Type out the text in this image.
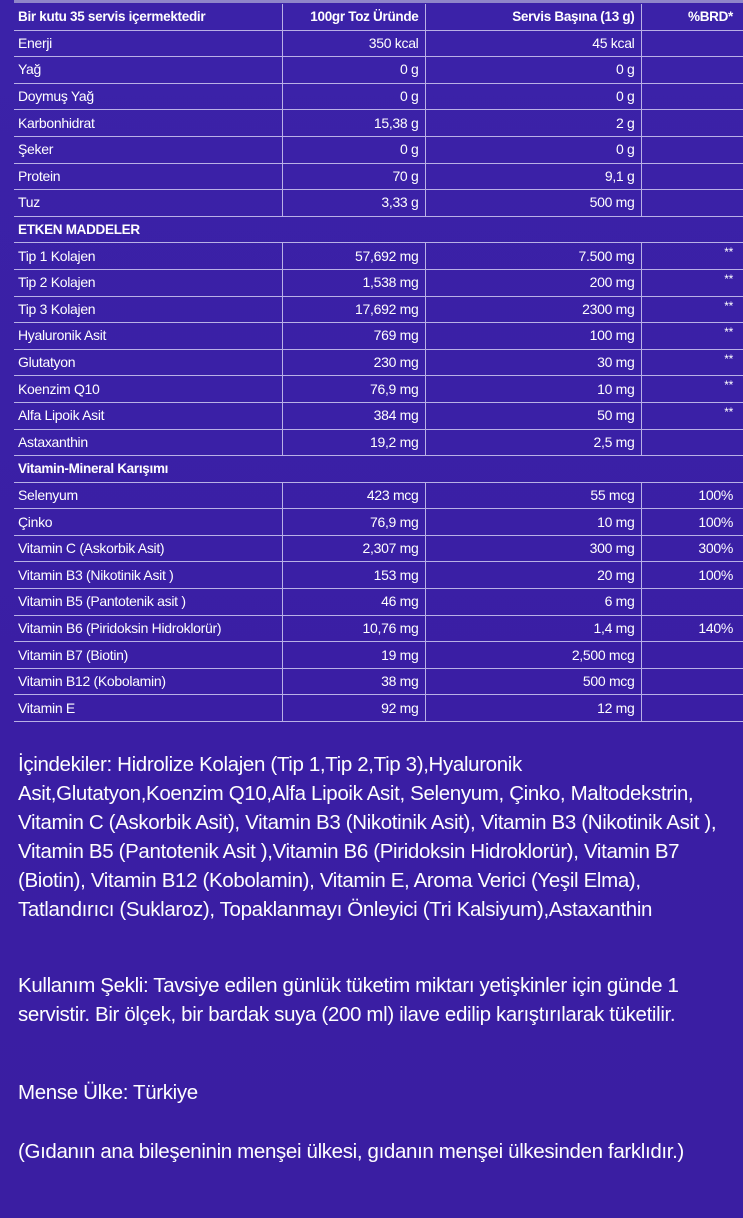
Bir kutu 35 servis içermektedir	100gr Toz Üründe	Servis Başına (13 g)	%BRD*
Enerji	350 kcal	45 kcal	
Yağ	0 g	0 g	
Doymuş Yağ	0 g	0 g	
Karbonhidrat	15,38 g	2 g	
Şeker	0 g	0 g	
Protein	70 g	9,1 g	
Tuz	3,33 g	500 mg	
ETKEN MADDELER			
Tip 1 Kolajen	57,692 mg	7.500 mg	**
Tip 2 Kolajen	1,538 mg	200 mg	**
Tip 3 Kolajen	17,692 mg	2300 mg	**
Hyaluronik Asit	769 mg	100 mg	**
Glutatyon	230 mg	30 mg	**
Koenzim Q10	76,9 mg	10 mg	**
Alfa Lipoik Asit	384 mg	50 mg	**
Astaxanthin	19,2 mg	2,5 mg	
Vitamin-Mineral Karışımı			
Selenyum	423 mcg	55 mcg	100%
Çinko	76,9 mg	10 mg	100%
Vitamin C (Askorbik Asit)	2,307 mg	300 mg	300%
Vitamin B3 (Nikotinik Asit )	153 mg	20 mg	100%
Vitamin B5 (Pantotenik asit )	46 mg	6 mg	
Vitamin B6 (Piridoksin Hidroklorür)	10,76 mg	1,4 mg	140%
Vitamin B7 (Biotin)	19 mg	2,500 mcg	
Vitamin B12 (Kobolamin)	38 mg	500 mcg	
Vitamin E	92 mg	12 mg	

İçindekiler: Hidrolize Kolajen (Tip 1,Tip 2,Tip 3),Hyaluronik Asit,Glutatyon,Koenzim Q10,Alfa Lipoik Asit, Selenyum, Çinko, Maltodekstrin, Vitamin C (Askorbik Asit), Vitamin B3 (Nikotinik Asit), Vitamin B3 (Nikotinik Asit ), Vitamin B5 (Pantotenik Asit ),Vitamin B6 (Piridoksin Hidroklorür), Vitamin B7 (Biotin), Vitamin B12 (Kobolamin), Vitamin E, Aroma Verici (Yeşil Elma), Tatlandırıcı (Suklaroz), Topaklanmayı Önleyici (Tri Kalsiyum),Astaxanthin

Kullanım Şekli: Tavsiye edilen günlük tüketim miktarı yetişkinler için günde 1 servistir. Bir ölçek, bir bardak suya (200 ml) ilave edilip karıştırılarak tüketilir.

Mense Ülke: Türkiye

(Gıdanın ana bileşeninin menşei ülkesi, gıdanın menşei ülkesinden farklıdır.)
